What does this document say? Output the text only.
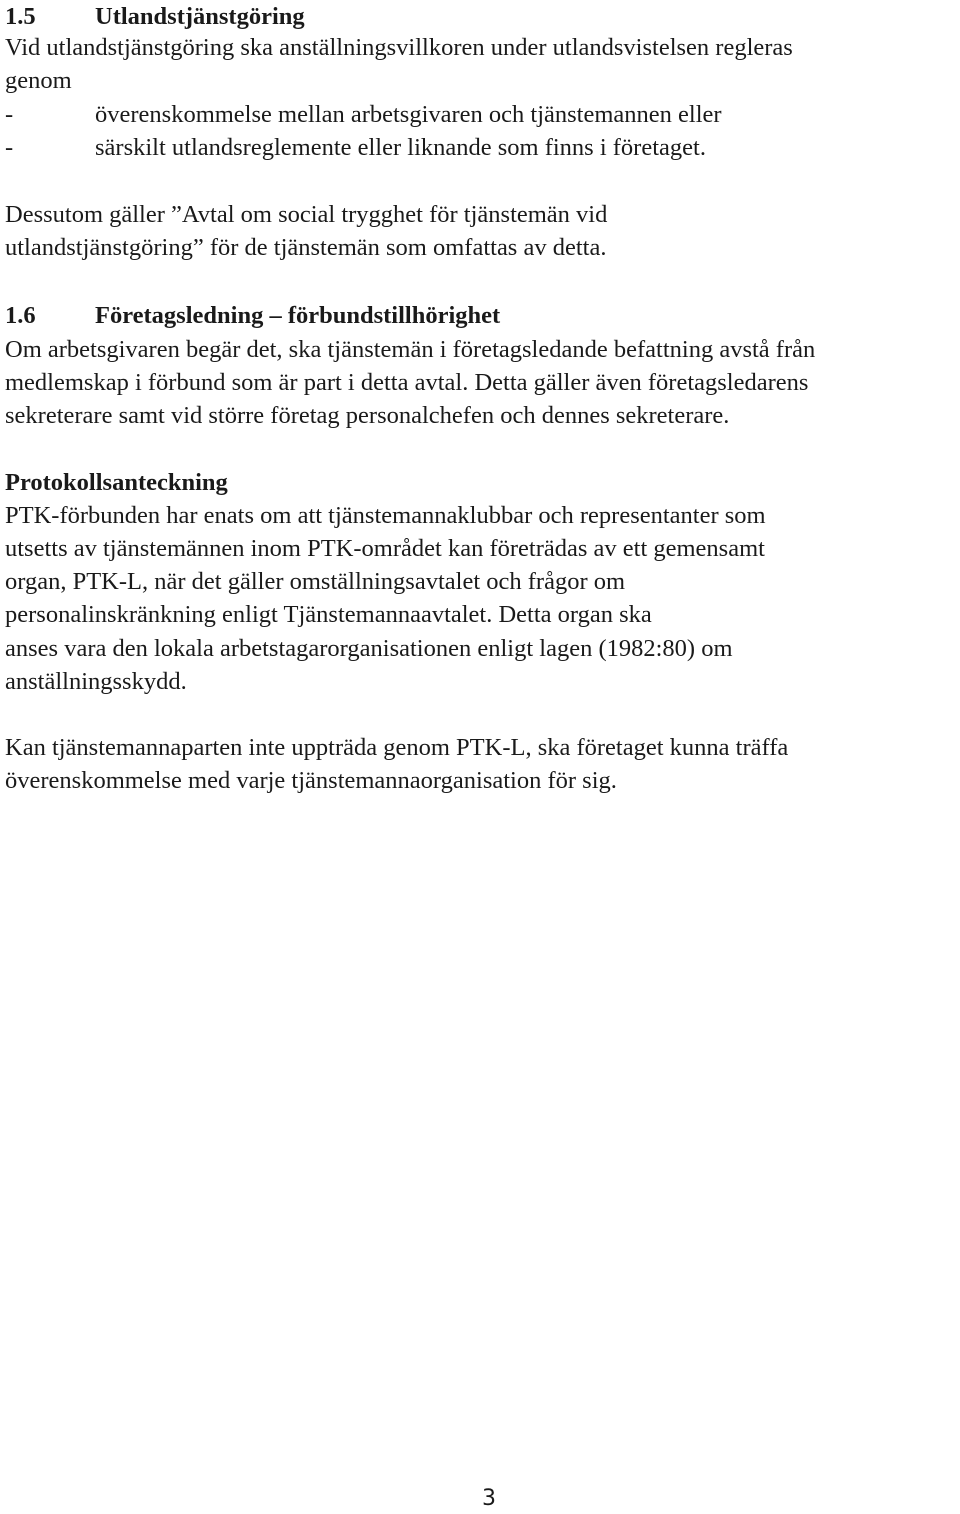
1.5 Utlandstjänstgöring
Vid utlandstjänstgöring ska anställningsvillkoren under utlandsvistelsen regleras
genom
-	överenskommelse mellan arbetsgivaren och tjänstemannen eller
-	särskilt utlandsreglemente eller liknande som finns i företaget.
Dessutom gäller ”Avtal om social trygghet för tjänstemän vid
utlandstjänstgöring” för de tjänstemän som omfattas av detta.
1.6 Företagsledning – förbundstillhörighet
Om arbetsgivaren begär det, ska tjänstemän i företagsledande befattning avstå från
medlemskap i förbund som är part i detta avtal. Detta gäller även företagsledarens
sekreterare samt vid större företag personalchefen och dennes sekreterare.
Protokollsanteckning
PTK-förbunden har enats om att tjänstemannaklubbar och representanter som
utsetts av tjänstemännen inom PTK-området kan företrädas av ett gemensamt
organ, PTK-L, när det gäller omställningsavtalet och frågor om
personalinskränkning enligt Tjänstemannaavtalet. Detta organ ska
anses vara den lokala arbetstagarorganisationen enligt lagen (1982:80) om
anställningsskydd.
Kan tjänstemannaparten inte uppträda genom PTK-L, ska företaget kunna träffa
överenskommelse med varje tjänstemannaorganisation för sig.
3
